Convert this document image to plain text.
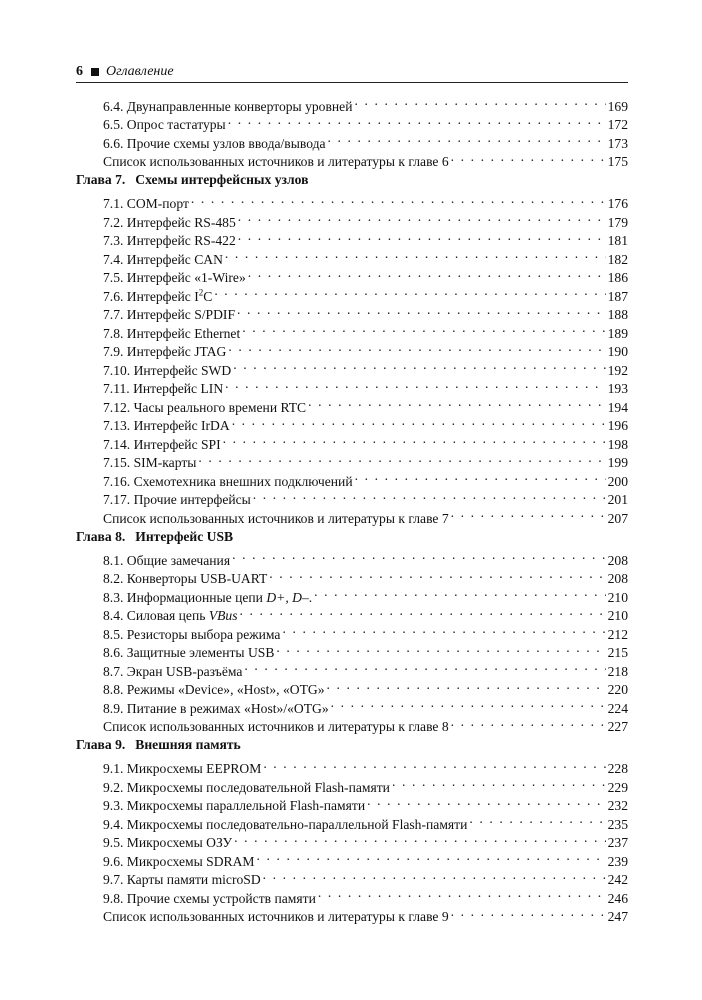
6 Оглавление
6.4. Двунаправленные конверторы уровней . . .	169
6.5. Опрос тастатуры . . .	172
6.6. Прочие схемы узлов ввода/вывода . . .	173
Список использованных источников и литературы к главе 6 . . .	175
Глава 7. Схемы интерфейсных узлов
7.1. COM-порт . . .	176
7.2. Интерфейс RS-485 . . .	179
7.3. Интерфейс RS-422 . . .	181
7.4. Интерфейс CAN . . .	182
7.5. Интерфейс «1-Wire» . . .	186
7.6. Интерфейс $I^2C$ . . .	187
7.7. Интерфейс S/PDIF . . .	188
7.8. Интерфейс Ethernet . . .	189
7.9. Интерфейс JTAG . . .	190
7.10. Интерфейс SWD . . .	192
7.11. Интерфейс LIN . . .	193
7.12. Часы реального времени RTC . . .	194
7.13. Интерфейс IrDA . . .	196
7.14. Интерфейс SPI . . .	198
7.15. SIM-карты . . .	199
7.16. Схемотехника внешних подключений . . .	200
7.17. Прочие интерфейсы . . .	201
Список использованных источников и литературы к главе 7 . . .	207
Глава 8. Интерфейс USB
8.1. Общие замечания . . .	208
8.2. Конверторы USB-UART . . .	208
8.3. Информационные цепи D+, D–. . . .	210
8.4. Силовая цепь VBus . . .	210
8.5. Резисторы выбора режима . . .	212
8.6. Защитные элементы USB . . .	215
8.7. Экран USB-разъёма . . .	218
8.8. Режимы «Device», «Host», «OTG» . . .	220
8.9. Питание в режимах «Host»/«OTG» . . .	224
Список использованных источников и литературы к главе 8 . . .	227
Глава 9. Внешняя память
9.1. Микросхемы EEPROM . . .	228
9.2. Микросхемы последовательной Flash-памяти . . .	229
9.3. Микросхемы параллельной Flash-памяти . . .	232
9.4. Микросхемы последовательно-параллельной Flash-памяти . . .	235
9.5. Микросхемы ОЗУ . . .	237
9.6. Микросхемы SDRAM . . .	239
9.7. Карты памяти microSD . . .	242
9.8. Прочие схемы устройств памяти . . .	246
Список использованных источников и литературы к главе 9 . . .	247
